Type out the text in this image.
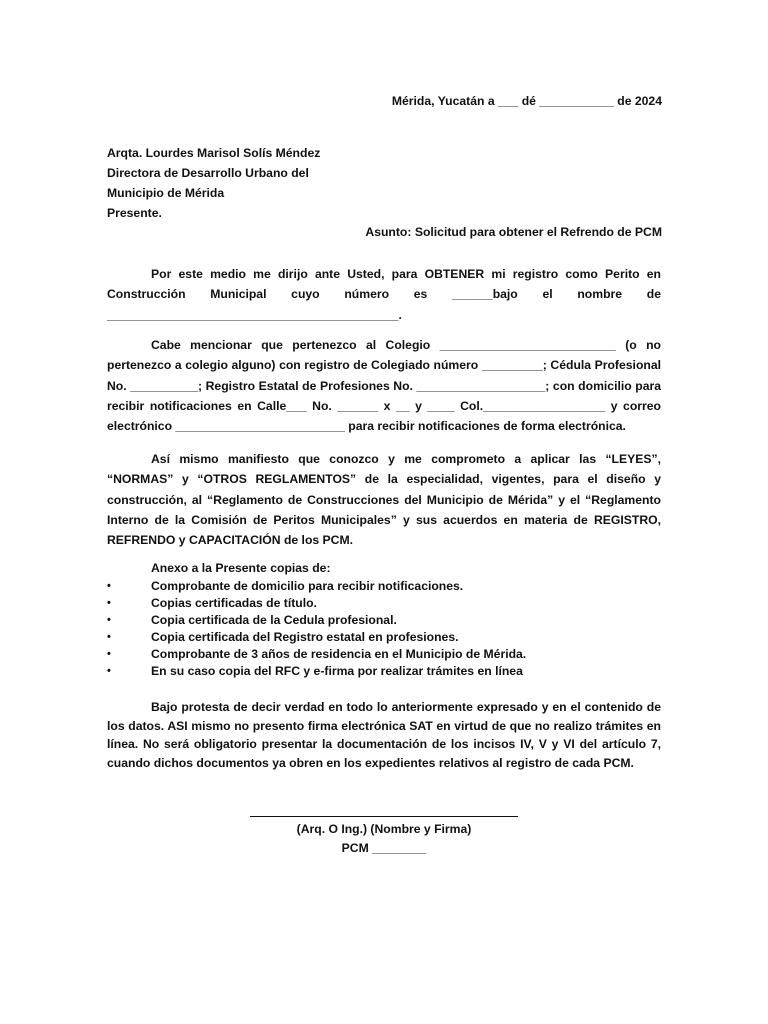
Mérida, Yucatán a ___ dé ___________ de 2024
Arqta. Lourdes Marisol Solís Méndez
Directora de Desarrollo Urbano del
Municipio de Mérida
Presente.
Asunto: Solicitud para obtener el Refrendo de PCM
Por este medio me dirijo ante Usted, para OBTENER mi registro como Perito en Construcción Municipal cuyo número es ______bajo el nombre de ___________________________________________.
Cabe mencionar que pertenezco al Colegio __________________________ (o no pertenezco a colegio alguno) con registro de Colegiado número _________; Cédula Profesional No. __________; Registro Estatal de Profesiones No. ___________________; con domicilio para recibir notificaciones en Calle___ No. ______ x __ y ____ Col.__________________ y correo electrónico _________________________ para recibir notificaciones de forma electrónica.
Así mismo manifiesto que conozco y me comprometo a aplicar las “LEYES”, “NORMAS” y “OTROS REGLAMENTOS” de la especialidad, vigentes, para el diseño y construcción, al “Reglamento de Construcciones del Municipio de Mérida” y el “Reglamento Interno de la Comisión de Peritos Municipales” y sus acuerdos en materia de REGISTRO, REFRENDO y CAPACITACIÓN de los PCM.
Anexo a la Presente copias de:
•	Comprobante de domicilio para recibir notificaciones.
•	Copias certificadas de título.
•	Copia certificada de la Cedula profesional.
•	Copia certificada del Registro estatal en profesiones.
•	Comprobante de 3 años de residencia en el Municipio de Mérida.
•	En su caso copia del RFC y e-firma por realizar trámites en línea
Bajo protesta de decir verdad en todo lo anteriormente expresado y en el contenido de los datos. ASI mismo no presento firma electrónica SAT en virtud de que no realizo trámites en línea. No será obligatorio presentar la documentación de los incisos IV, V y VI del artículo 7, cuando dichos documentos ya obren en los expedientes relativos al registro de cada PCM.
(Arq. O Ing.) (Nombre y Firma)
PCM ________
